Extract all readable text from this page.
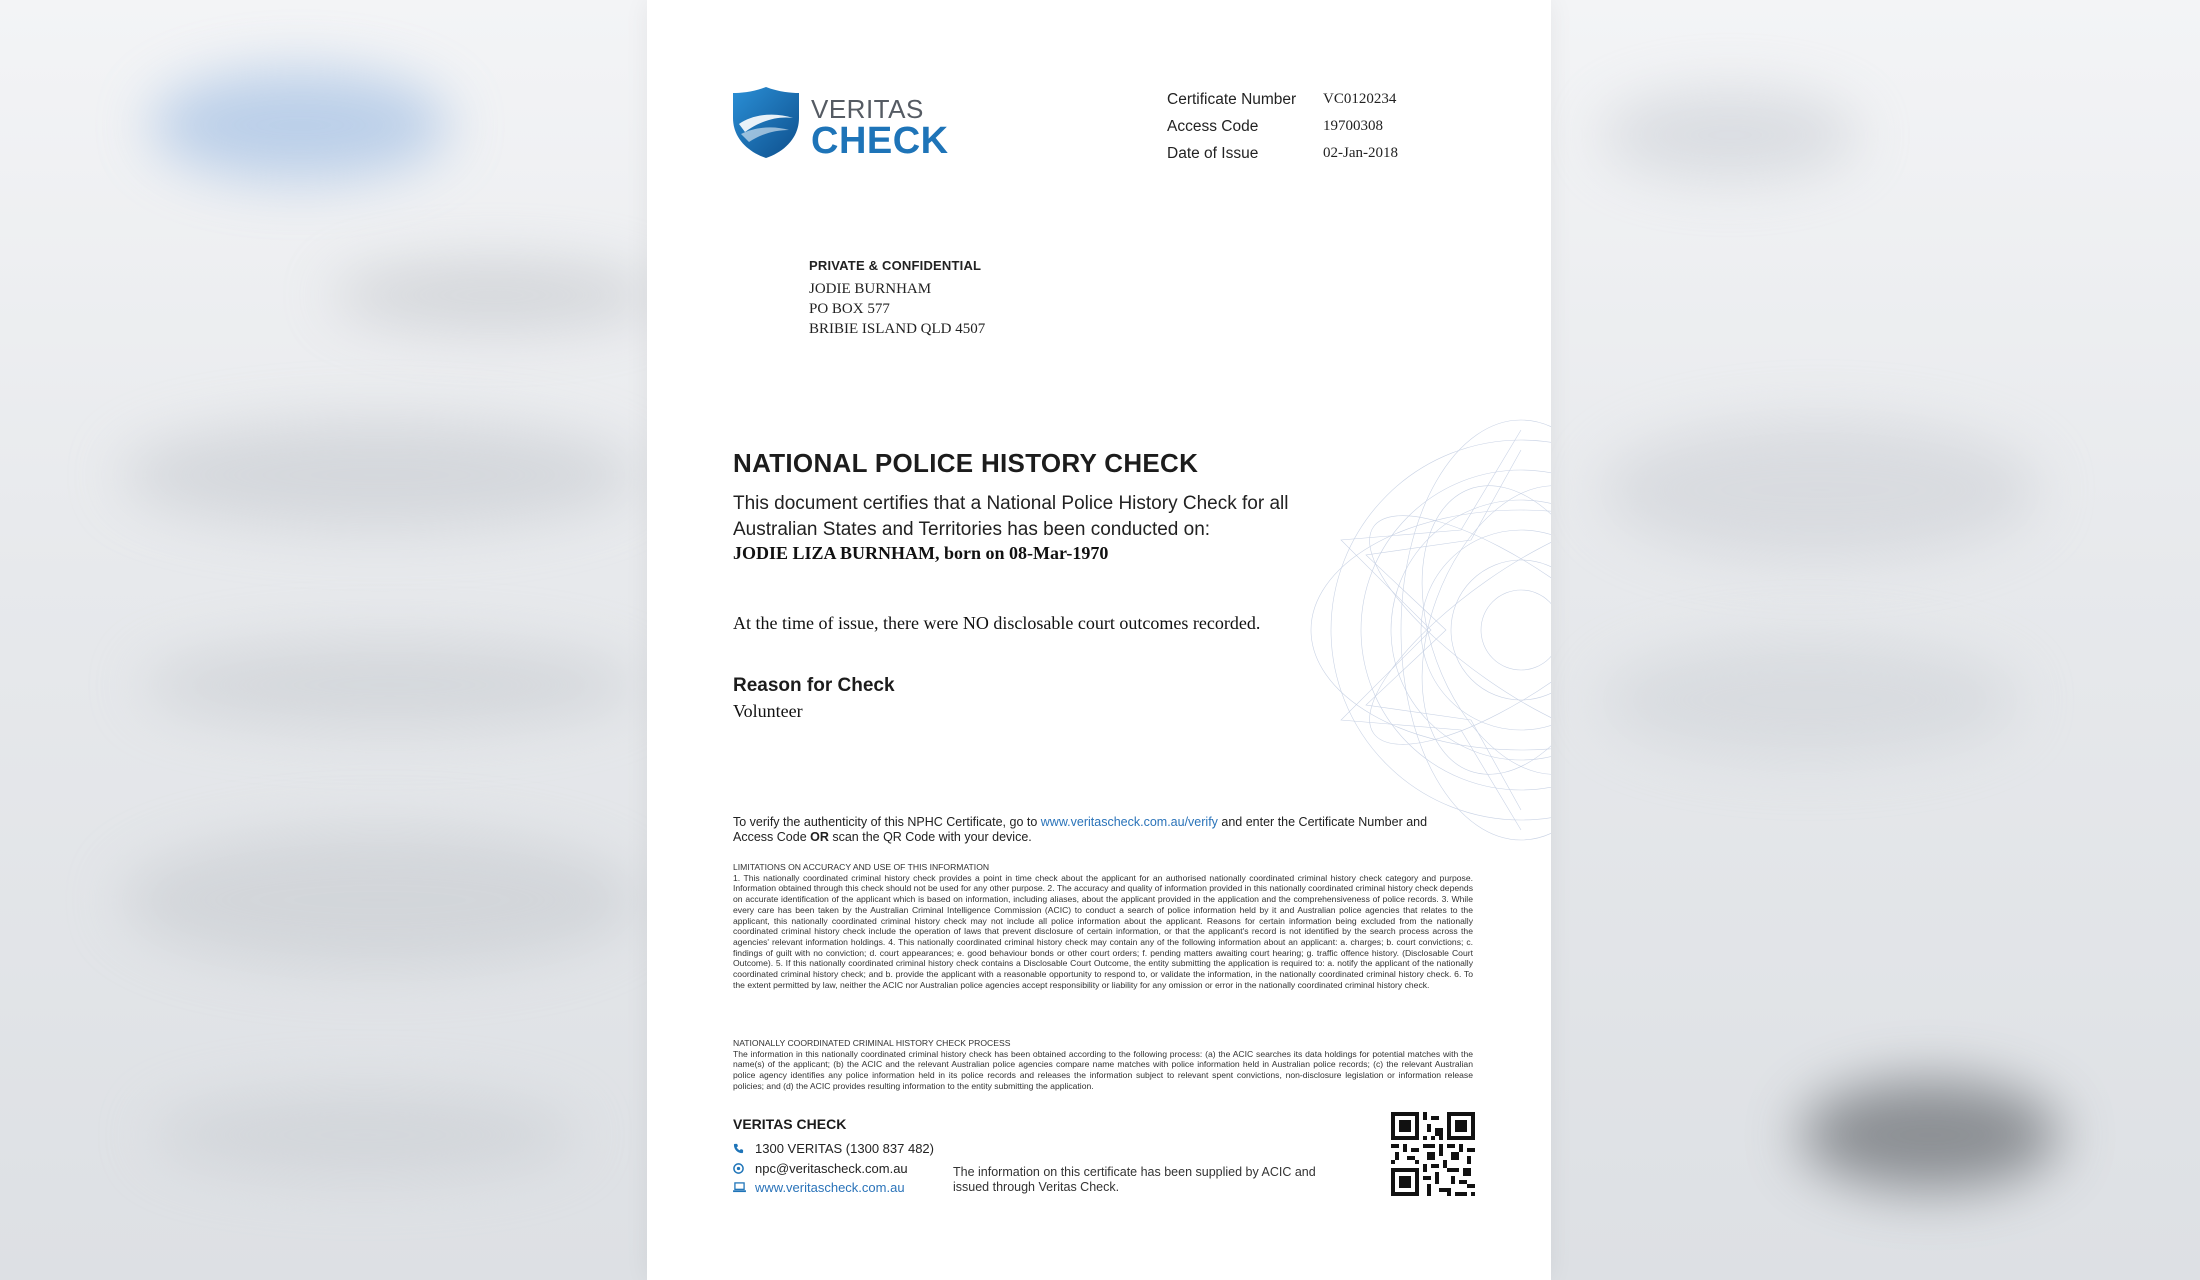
VERITAS
CHECK
Certificate Number	VC0120234
Access Code	19700308
Date of Issue	02-Jan-2018
PRIVATE & CONFIDENTIAL
JODIE BURNHAM
PO BOX 577
BRIBIE ISLAND QLD 4507
NATIONAL POLICE HISTORY CHECK
This document certifies that a National Police History Check for all Australian States and Territories has been conducted on:
JODIE LIZA BURNHAM, born on 08-Mar-1970
At the time of issue, there were NO disclosable court outcomes recorded.
Reason for Check
Volunteer
To verify the authenticity of this NPHC Certificate, go to www.veritascheck.com.au/verify and enter the Certificate Number and Access Code OR scan the QR Code with your device.
LIMITATIONS ON ACCURACY AND USE OF THIS INFORMATION
1. This nationally coordinated criminal history check provides a point in time check about the applicant for an authorised nationally coordinated criminal history check category and purpose. Information obtained through this check should not be used for any other purpose. 2. The accuracy and quality of information provided in this nationally coordinated criminal history check depends on accurate identification of the applicant which is based on information, including aliases, about the applicant provided in the application and the comprehensiveness of police records. 3. While every care has been taken by the Australian Criminal Intelligence Commission (ACIC) to conduct a search of police information held by it and Australian police agencies that relates to the applicant, this nationally coordinated criminal history check may not include all police information about the applicant. Reasons for certain information being excluded from the nationally coordinated criminal history check include the operation of laws that prevent disclosure of certain information, or that the applicant's record is not identified by the search process across the agencies' relevant information holdings. 4. This nationally coordinated criminal history check may contain any of the following information about an applicant: a. charges; b. court convictions; c. findings of guilt with no conviction; d. court appearances; e. good behaviour bonds or other court orders; f. pending matters awaiting court hearing; g. traffic offence history. (Disclosable Court Outcome). 5. If this nationally coordinated criminal history check contains a Disclosable Court Outcome, the entity submitting the application is required to: a. notify the applicant of the nationally coordinated criminal history check; and b. provide the applicant with a reasonable opportunity to respond to, or validate the information, in the nationally coordinated criminal history check. 6. To the extent permitted by law, neither the ACIC nor Australian police agencies accept responsibility or liability for any omission or error in the nationally coordinated criminal history check.
NATIONALLY COORDINATED CRIMINAL HISTORY CHECK PROCESS
The information in this nationally coordinated criminal history check has been obtained according to the following process: (a) the ACIC searches its data holdings for potential matches with the name(s) of the applicant; (b) the ACIC and the relevant Australian police agencies compare name matches with police information held in Australian police records; (c) the relevant Australian police agency identifies any police information held in its police records and releases the information subject to relevant spent convictions, non-disclosure legislation or information release policies; and (d) the ACIC provides resulting information to the entity submitting the application.
VERITAS CHECK
1300 VERITAS (1300 837 482)
npc@veritascheck.com.au
www.veritascheck.com.au
The information on this certificate has been supplied by ACIC and issued through Veritas Check.
